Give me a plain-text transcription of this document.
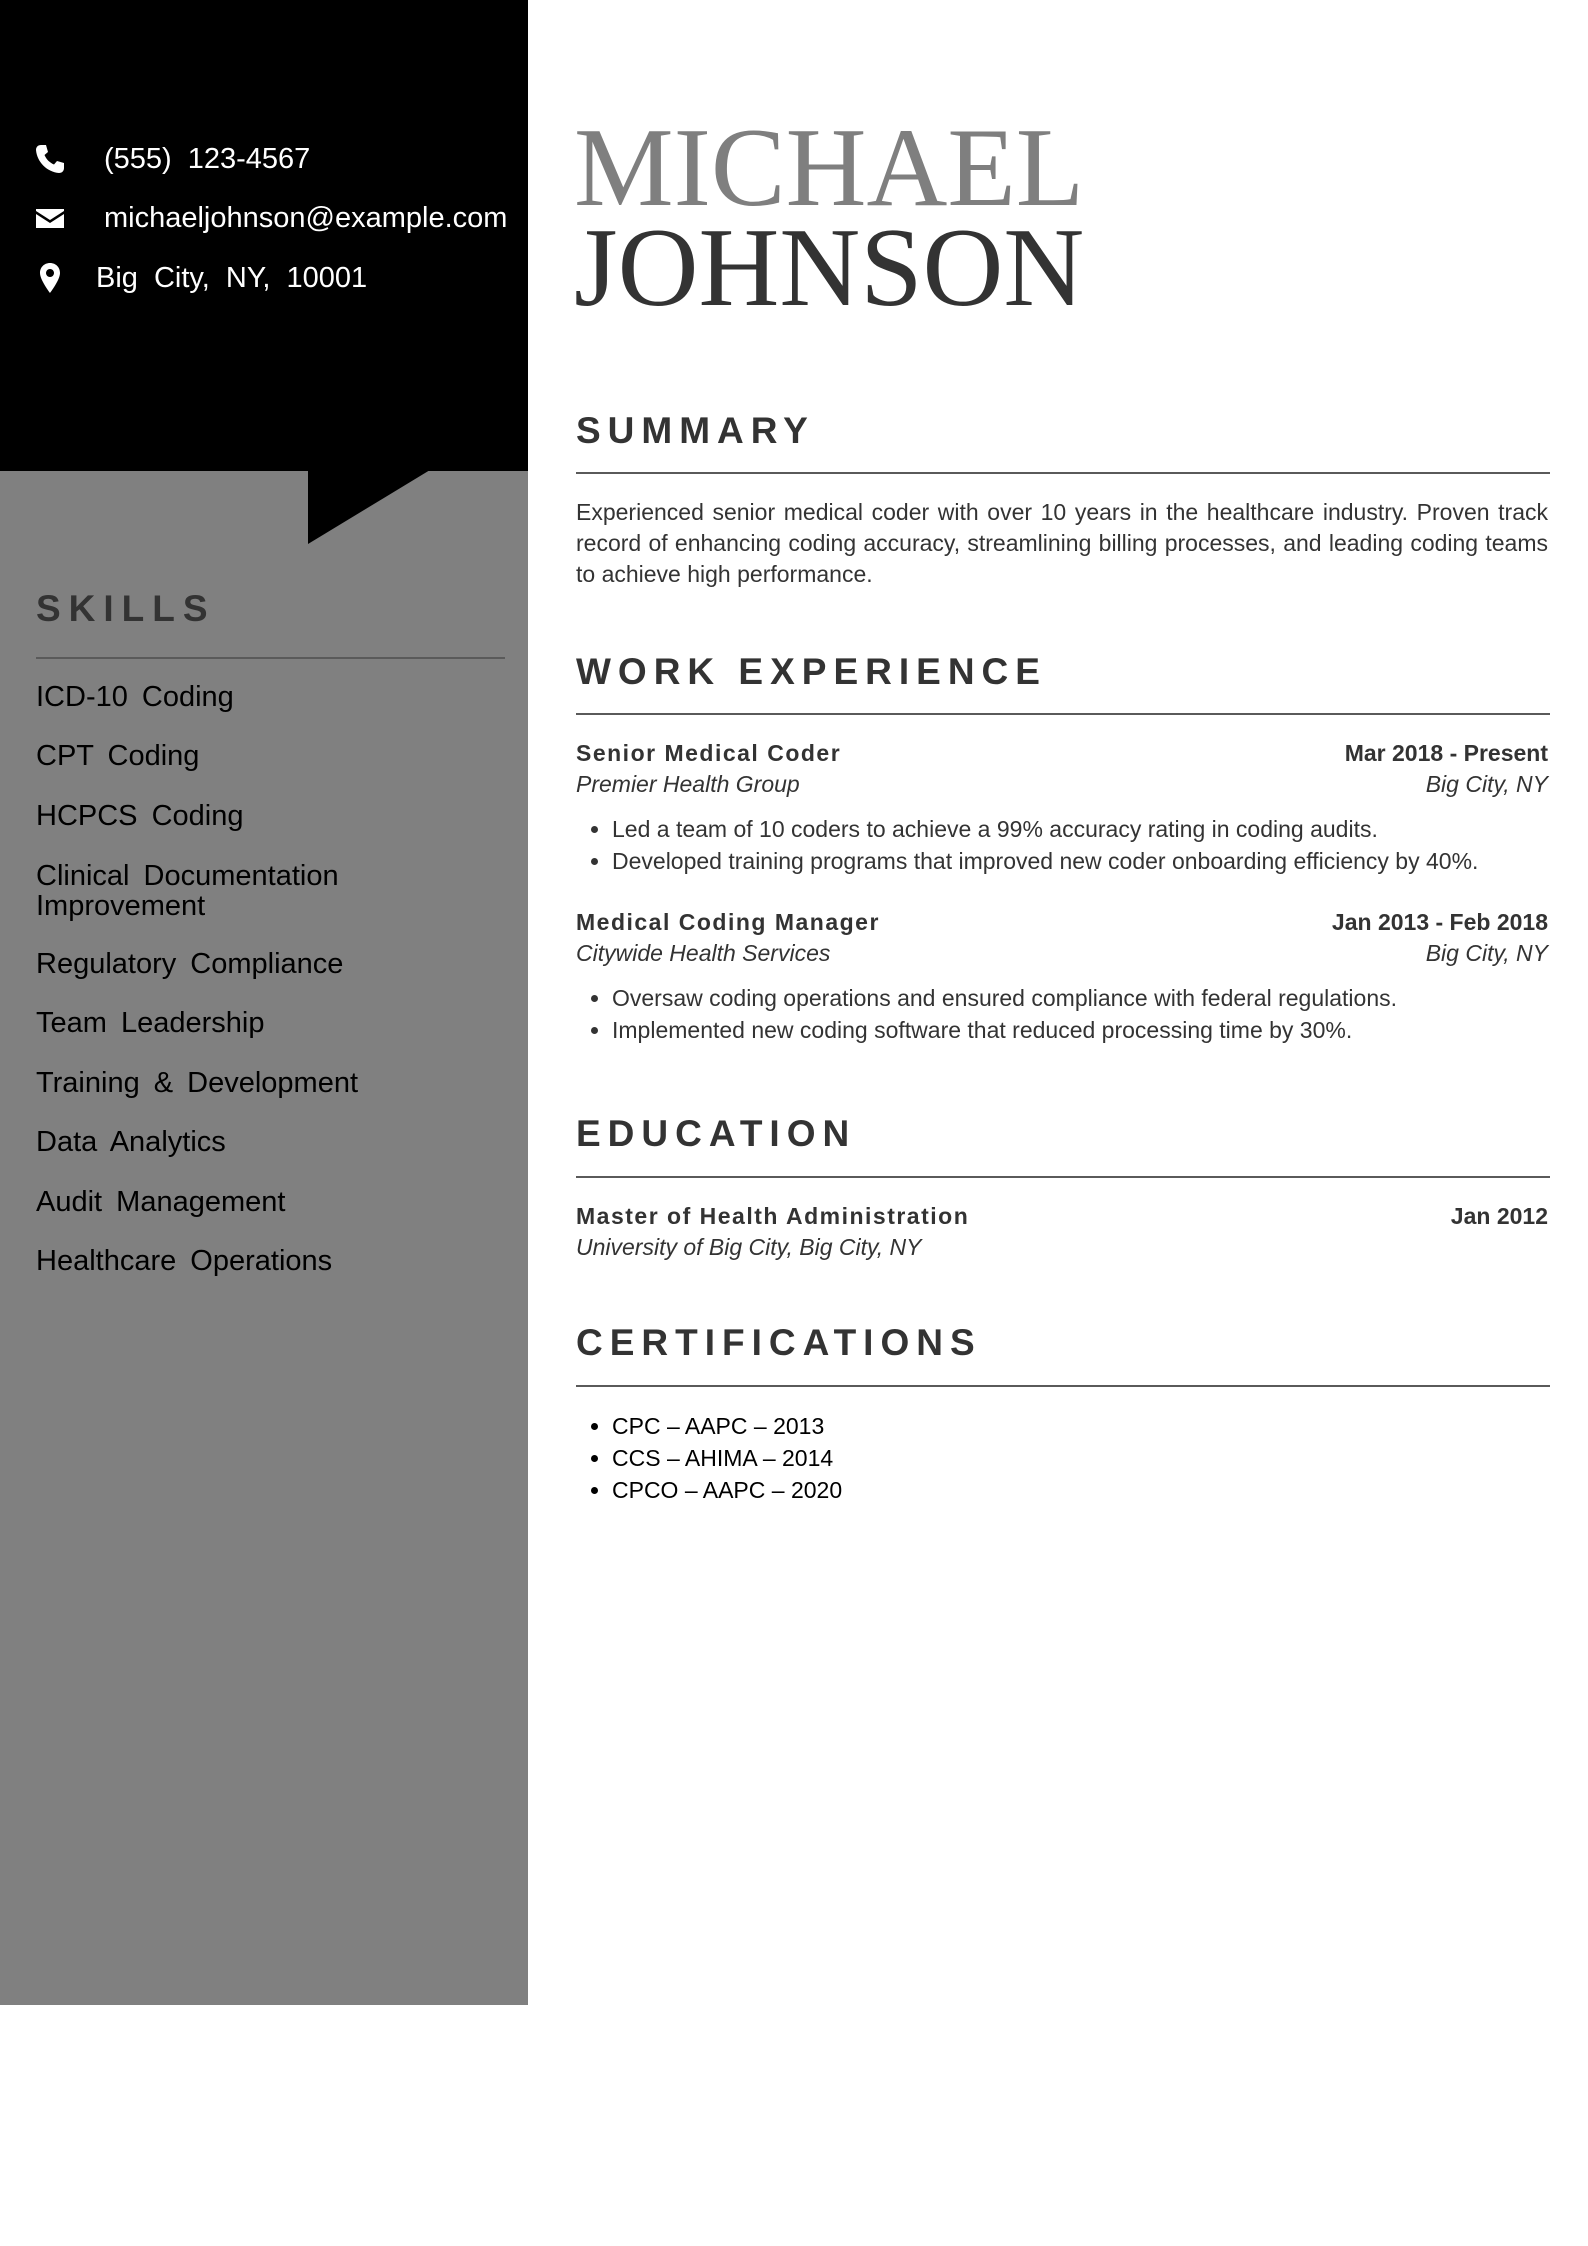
(555) 123-4567
michaeljohnson@example.com
Big City, NY, 10001
SKILLS
ICD-10 Coding
CPT Coding
HCPCS Coding
Clinical Documentation Improvement
Regulatory Compliance
Team Leadership
Training & Development
Data Analytics
Audit Management
Healthcare Operations
MICHAEL
JOHNSON
SUMMARY
Experienced senior medical coder with over 10 years in the healthcare industry. Proven track record of enhancing coding accuracy, streamlining billing processes, and leading coding teams to achieve high performance.
WORK EXPERIENCE
Senior Medical Coder	Mar 2018 - Present
Premier Health Group	Big City, NY
• Led a team of 10 coders to achieve a 99% accuracy rating in coding audits.
• Developed training programs that improved new coder onboarding efficiency by 40%.
Medical Coding Manager	Jan 2013 - Feb 2018
Citywide Health Services	Big City, NY
• Oversaw coding operations and ensured compliance with federal regulations.
• Implemented new coding software that reduced processing time by 30%.
EDUCATION
Master of Health Administration	Jan 2012
University of Big City, Big City, NY
CERTIFICATIONS
• CPC – AAPC – 2013
• CCS – AHIMA – 2014
• CPCO – AAPC – 2020
